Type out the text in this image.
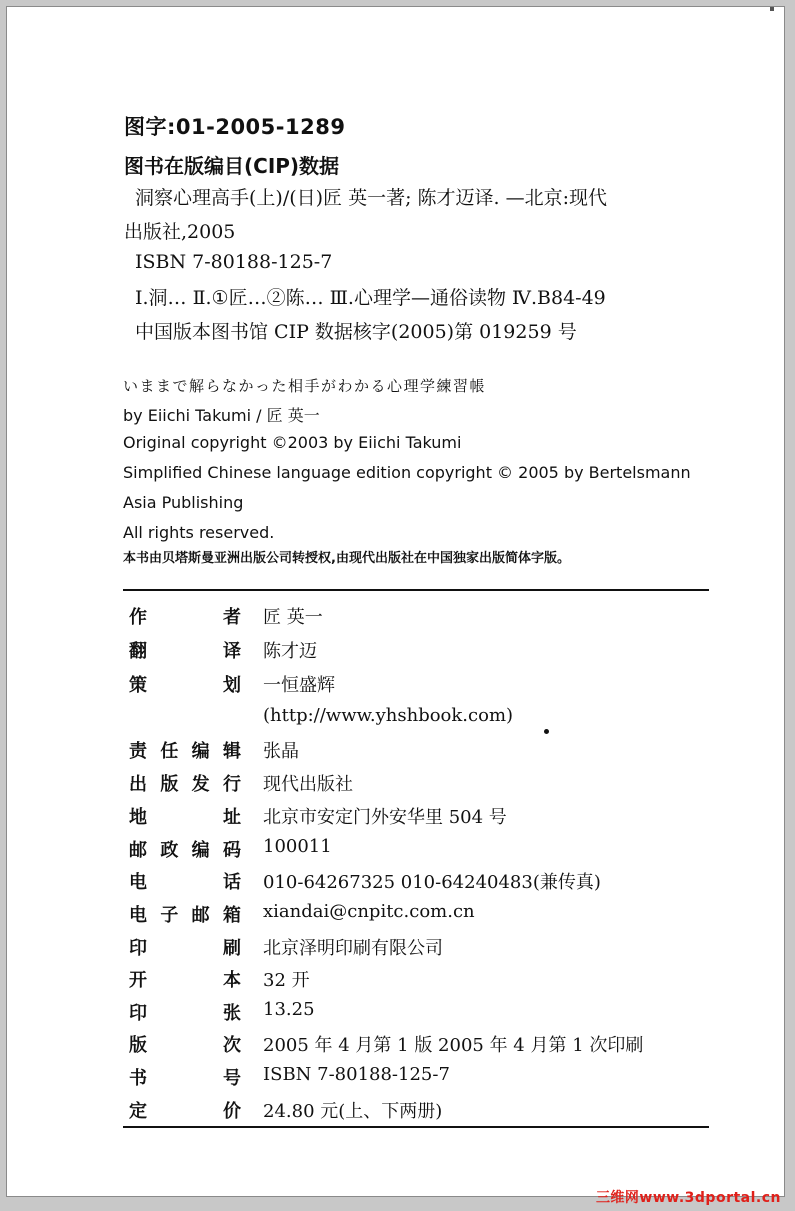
图字:01-2005-1289
图书在版编目(CIP)数据
洞察心理高手(上)/(日)匠 英一著; 陈才迈译. —北京:现代
出版社,2005
ISBN 7-80188-125-7
Ⅰ.洞… Ⅱ.①匠…②陈… Ⅲ.心理学—通俗读物 Ⅳ.B84-49
中国版本图书馆 CIP 数据核字(2005)第 019259 号
いままで解らなかった相手がわかる心理学練習帳
by Eiichi Takumi / 匠 英一
Original copyright ©2003 by Eiichi Takumi
Simplified Chinese language edition copyright © 2005 by Bertelsmann
Asia Publishing
All rights reserved.
本书由贝塔斯曼亚洲出版公司转授权,由现代出版社在中国独家出版简体字版。
作者 匠 英一
翻译 陈才迈
策划 一恒盛辉
(http://www.yhshbook.com)
责任编辑 张晶
出版发行 现代出版社
地址 北京市安定门外安华里 504 号
邮政编码 100011
电话 010-64267325 010-64240483(兼传真)
电子邮箱 xiandai@cnpitc.com.cn
印刷 北京泽明印刷有限公司
开本 32 开
印张 13.25
版次 2005 年 4 月第 1 版 2005 年 4 月第 1 次印刷
书号 ISBN 7-80188-125-7
定价 24.80 元(上、下两册)
三维网www.3dportal.cn
